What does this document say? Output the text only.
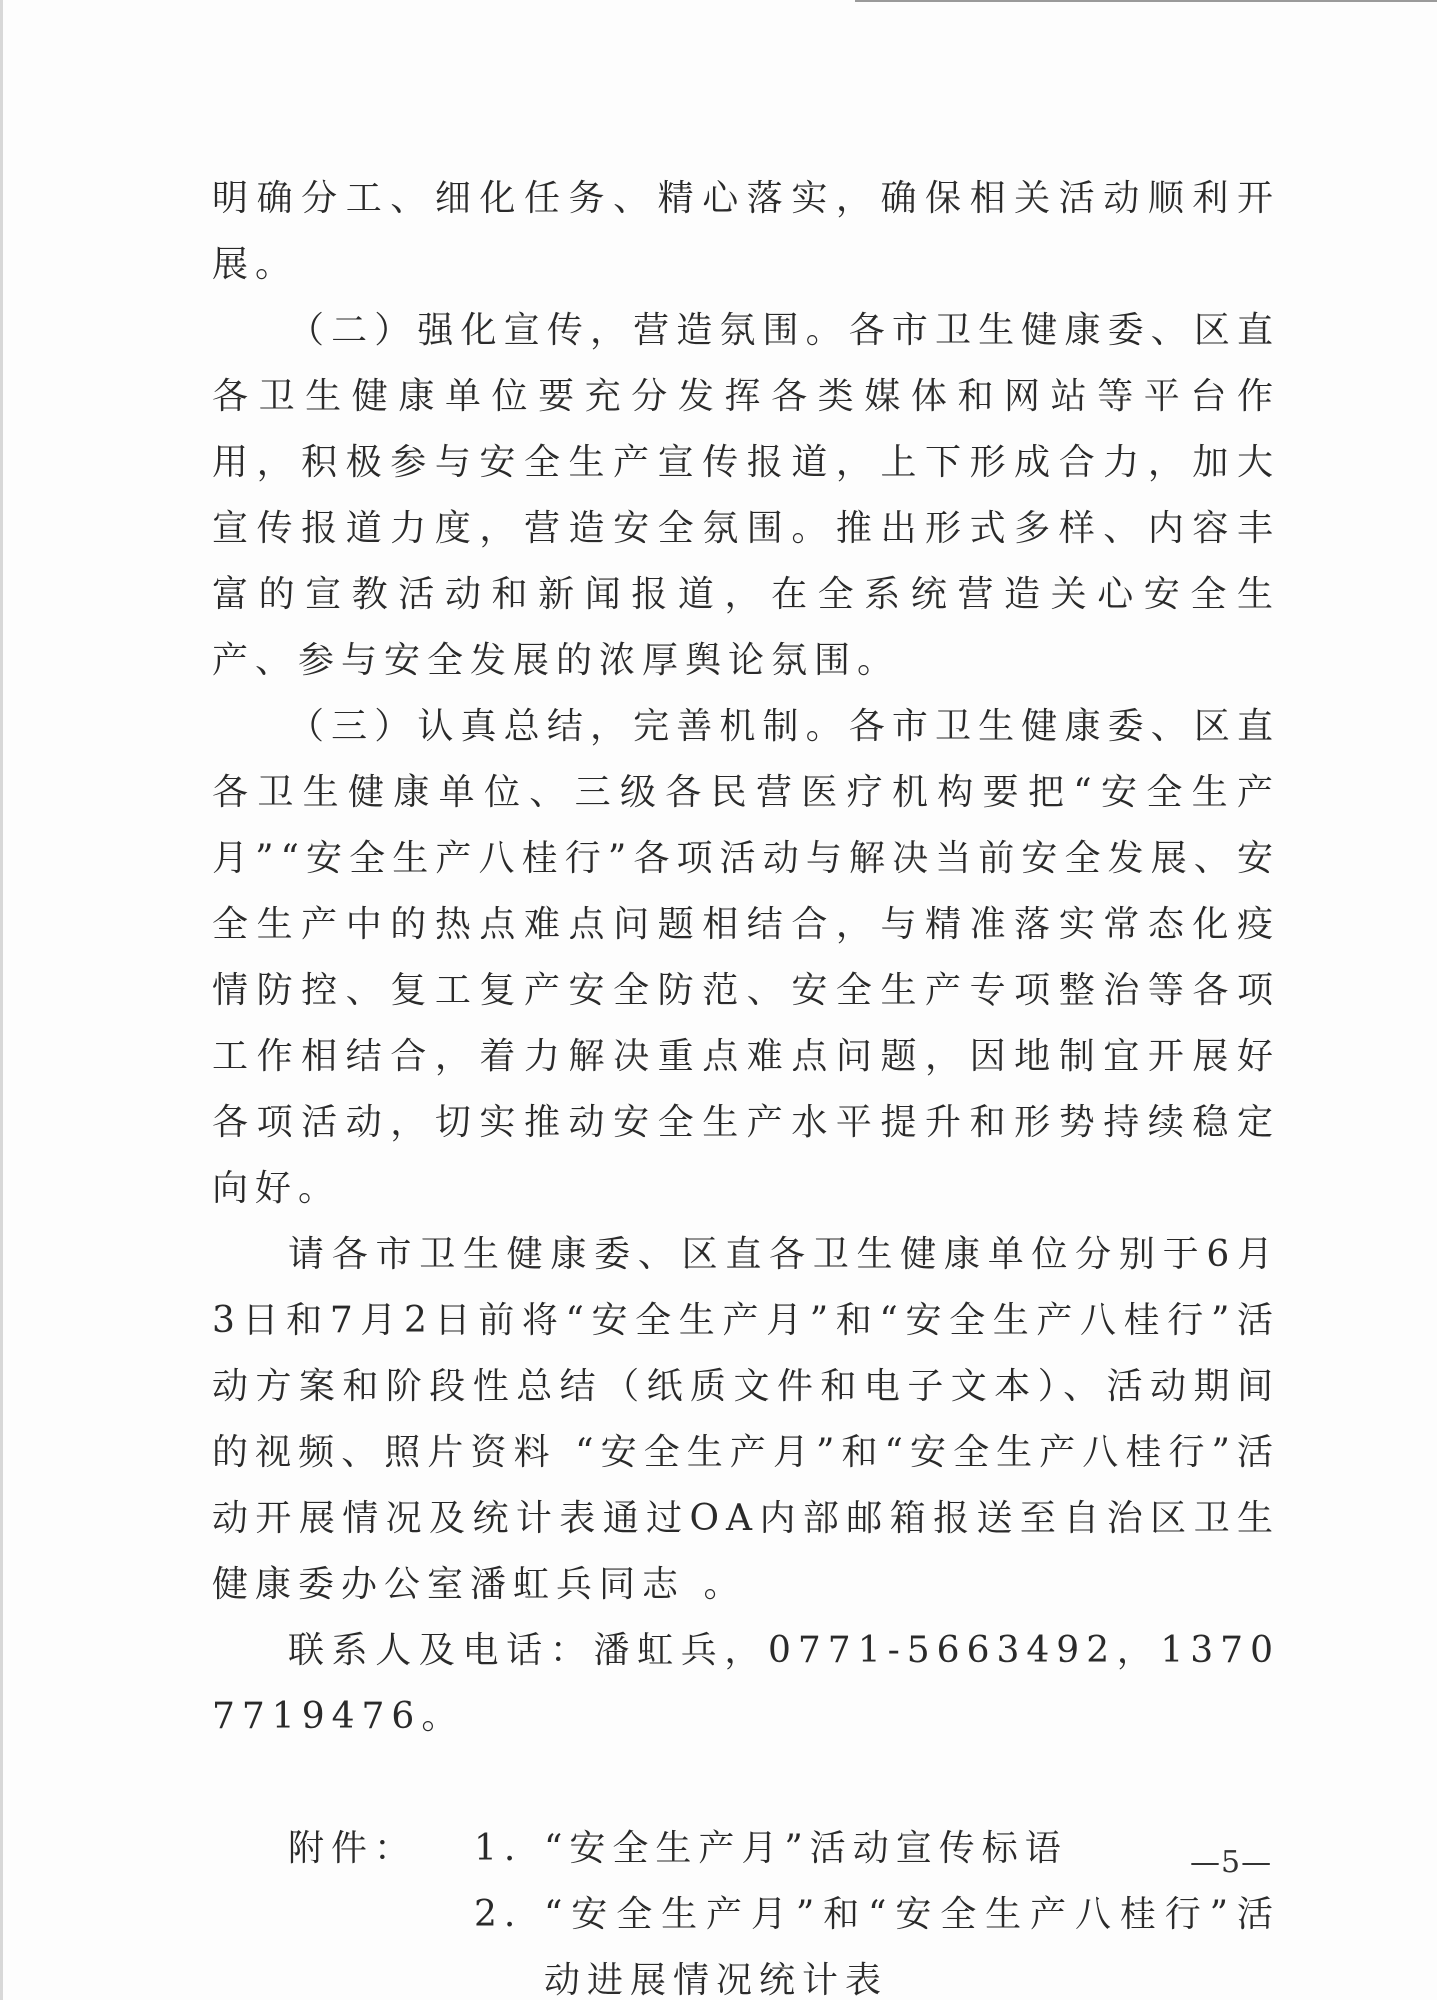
明确分工、细化任务、精心落实，确保相关活动顺利开展。

（二）强化宣传，营造氛围。各市卫生健康委、区直各卫生健康单位要充分发挥各类媒体和网站等平台作用，积极参与安全生产宣传报道，上下形成合力，加大宣传报道力度，营造安全氛围。推出形式多样、内容丰富的宣教活动和新闻报道，在全系统营造关心安全生产、参与安全发展的浓厚舆论氛围。

（三）认真总结，完善机制。各市卫生健康委、区直各卫生健康单位、三级各民营医疗机构要把“安全生产月”“安全生产八桂行”各项活动与解决当前安全发展、安全生产中的热点难点问题相结合，与精准落实常态化疫情防控、复工复产安全防范、安全生产专项整治等各项工作相结合，着力解决重点难点问题，因地制宜开展好各项活动，切实推动安全生产水平提升和形势持续稳定向好。

请各市卫生健康委、区直各卫生健康单位分别于6月3日和7月2日前将“安全生产月”和“安全生产八桂行”活动方案和阶段性总结（纸质文件和电子文本）、活动期间的视频、照片资料 “安全生产月”和“安全生产八桂行”活动开展情况及统计表通过OA内部邮箱报送至自治区卫生健康委办公室潘虹兵同志 。

联系人及电话：潘虹兵，0771-5663492，13707719476。

附件：	1. “安全生产月”活动宣传标语
2. “安全生产月”和“安全生产八桂行”活动进展情况统计表
—5—
